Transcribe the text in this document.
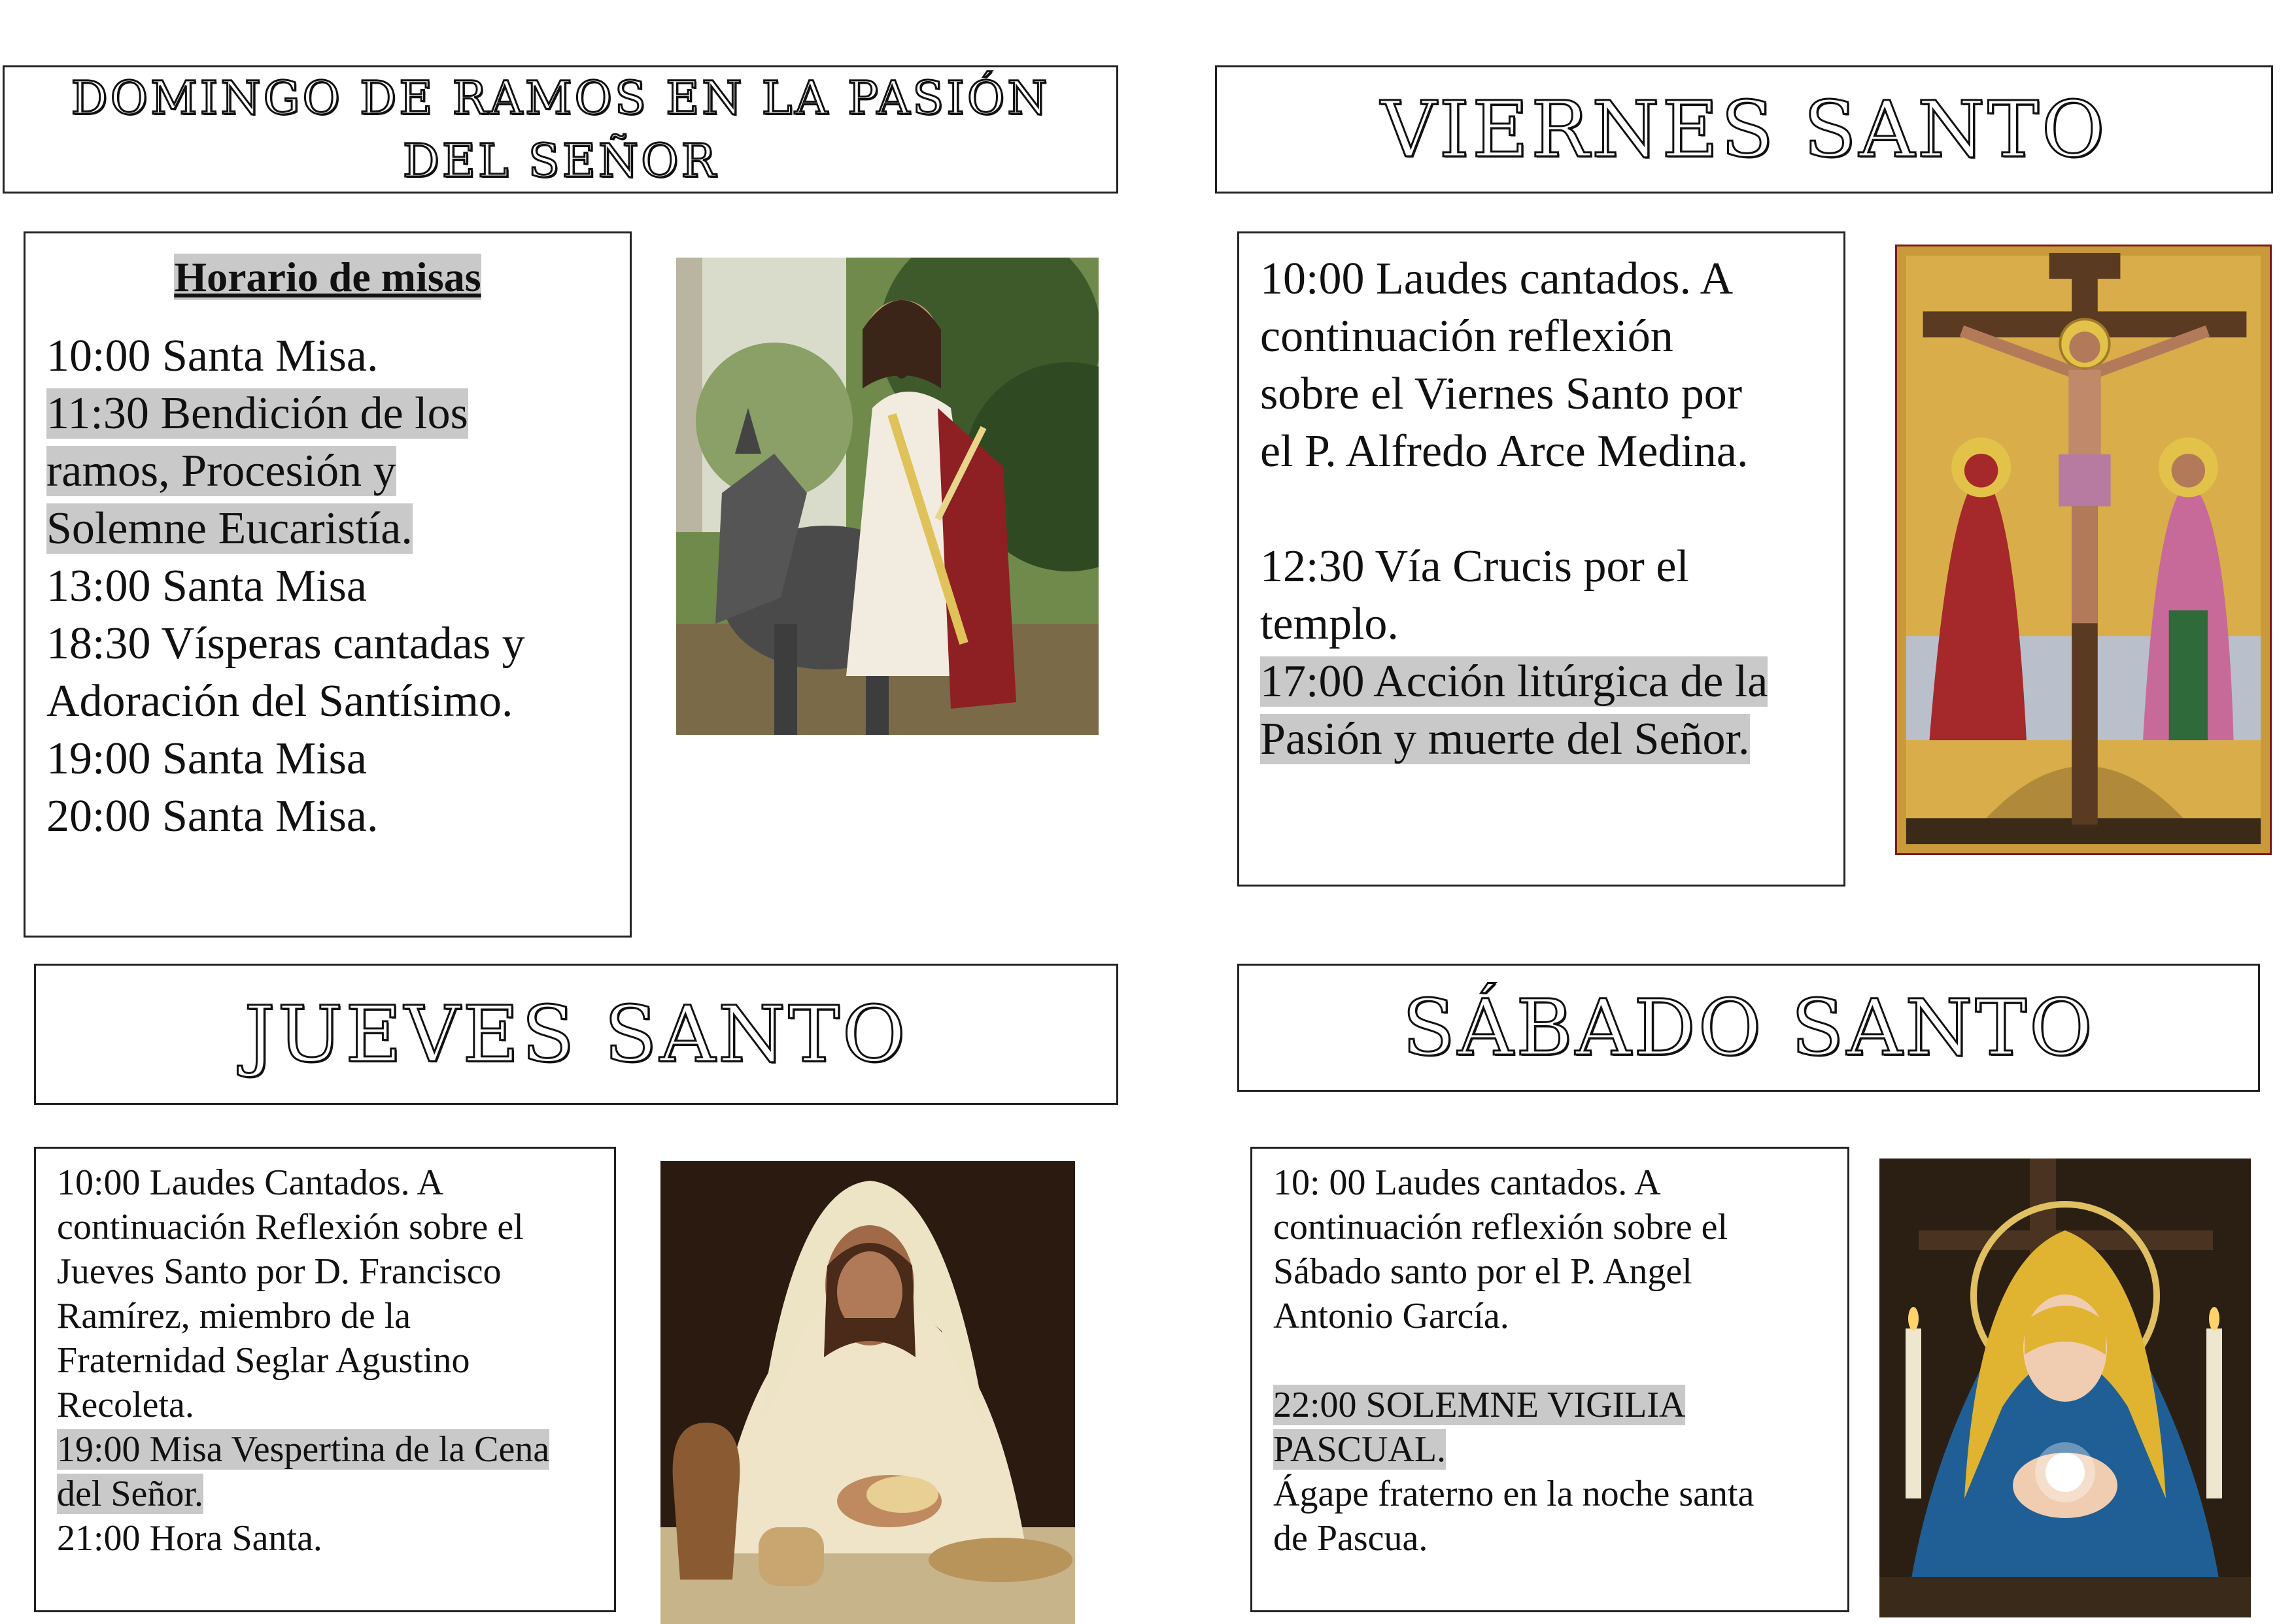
DOMINGO DE RAMOS EN LA PASIÓN
DEL SEÑOR
Horario de misas
10:00 Santa Misa.
11:30 Bendición de los
ramos, Procesión y
Solemne Eucaristía.
13:00 Santa Misa
18:30 Vísperas cantadas y
Adoración del Santísimo.
19:00 Santa Misa
20:00 Santa Misa.
VIERNES SANTO
10:00 Laudes cantados. A
continuación reflexión
sobre el Viernes Santo por
el P. Alfredo Arce Medina.
12:30 Vía Crucis por el
templo.
17:00 Acción litúrgica de la
Pasión y muerte del Señor.
JUEVES SANTO
10:00 Laudes Cantados. A
continuación Reflexión sobre el
Jueves Santo por D. Francisco
Ramírez, miembro de la
Fraternidad Seglar Agustino
Recoleta.
19:00 Misa Vespertina de la Cena
del Señor.
21:00 Hora Santa.
SÁBADO SANTO
10: 00 Laudes cantados. A
continuación reflexión sobre el
Sábado santo por el P. Angel
Antonio García.
22:00 SOLEMNE VIGILIA
PASCUAL.
Ágape fraterno en la noche santa
de Pascua.
